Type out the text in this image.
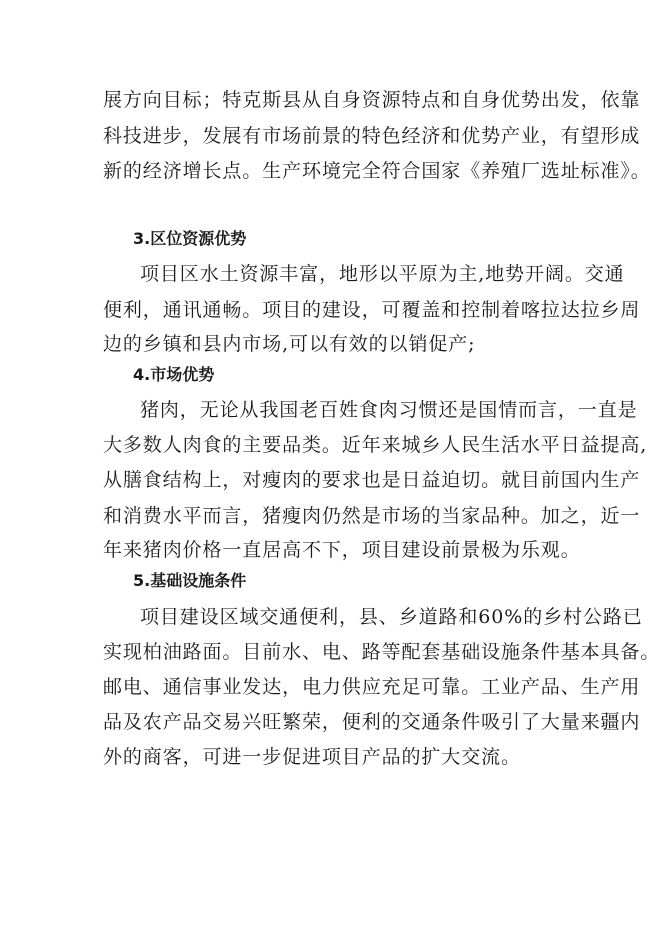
展方向目标；特克斯县从自身资源特点和自身优势出发，依靠
科技进步，发展有市场前景的特色经济和优势产业，有望形成
新的经济增长点。生产环境完全符合国家《养殖厂选址标准》。
3.区位资源优势
项目区水土资源丰富，地形以平原为主,地势开阔。交通
便利，通讯通畅。项目的建设，可覆盖和控制着喀拉达拉乡周
边的乡镇和县内市场,可以有效的以销促产;
4.市场优势
猪肉，无论从我国老百姓食肉习惯还是国情而言，一直是
大多数人肉食的主要品类。近年来城乡人民生活水平日益提高,
从膳食结构上，对瘦肉的要求也是日益迫切。就目前国内生产
和消费水平而言，猪瘦肉仍然是市场的当家品种。加之，近一
年来猪肉价格一直居高不下，项目建设前景极为乐观。
5.基础设施条件
项目建设区域交通便利，县、乡道路和60%的乡村公路已
实现柏油路面。目前水、电、路等配套基础设施条件基本具备。
邮电、通信事业发达，电力供应充足可靠。工业产品、生产用
品及农产品交易兴旺繁荣，便利的交通条件吸引了大量来疆内
外的商客，可进一步促进项目产品的扩大交流。
